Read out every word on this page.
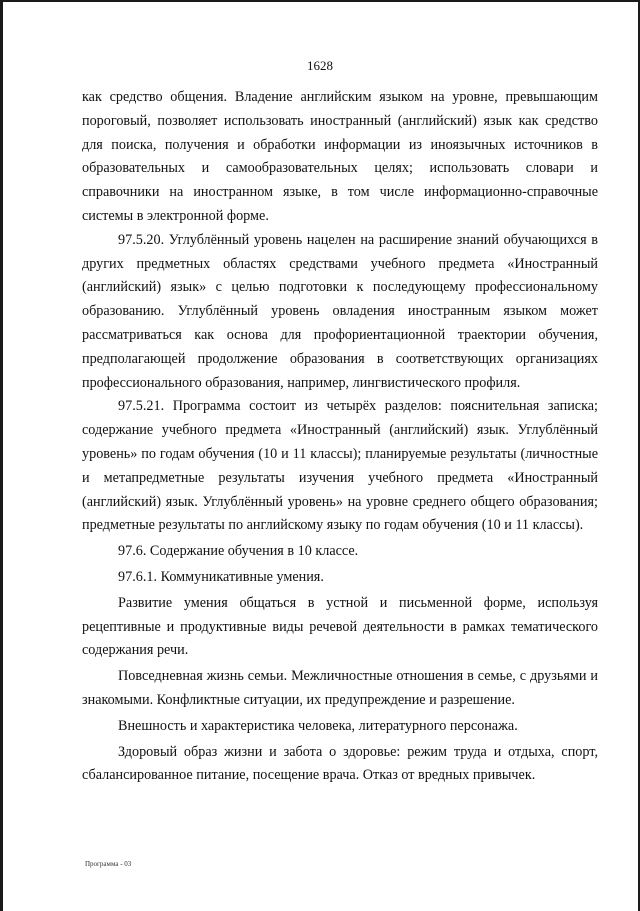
1628

как средство общения. Владение английским языком на уровне, превышающим пороговый, позволяет использовать иностранный (английский) язык как средство для поиска, получения и обработки информации из иноязычных источников в образовательных и самообразовательных целях; использовать словари и справочники на иностранном языке, в том числе информационно-справочные системы в электронной форме.

97.5.20. Углублённый уровень нацелен на расширение знаний обучающихся в других предметных областях средствами учебного предмета «Иностранный (английский) язык» с целью подготовки к последующему профессиональному образованию. Углублённый уровень овладения иностранным языком может рассматриваться как основа для профориентационной траектории обучения, предполагающей продолжение образования в соответствующих организациях профессионального образования, например, лингвистического профиля.

97.5.21. Программа состоит из четырёх разделов: пояснительная записка; содержание учебного предмета «Иностранный (английский) язык. Углублённый уровень» по годам обучения (10 и 11 классы); планируемые результаты (личностные и метапредметные результаты изучения учебного предмета «Иностранный (английский) язык. Углублённый уровень» на уровне среднего общего образования; предметные результаты по английскому языку по годам обучения (10 и 11 классы).

97.6. Содержание обучения в 10 классе.

97.6.1. Коммуникативные умения.

Развитие умения общаться в устной и письменной форме, используя рецептивные и продуктивные виды речевой деятельности в рамках тематического содержания речи.

Повседневная жизнь семьи. Межличностные отношения в семье, с друзьями и знакомыми. Конфликтные ситуации, их предупреждение и разрешение.

Внешность и характеристика человека, литературного персонажа.

Здоровый образ жизни и забота о здоровье: режим труда и отдыха, спорт, сбалансированное питание, посещение врача. Отказ от вредных привычек.

Программа - 03
